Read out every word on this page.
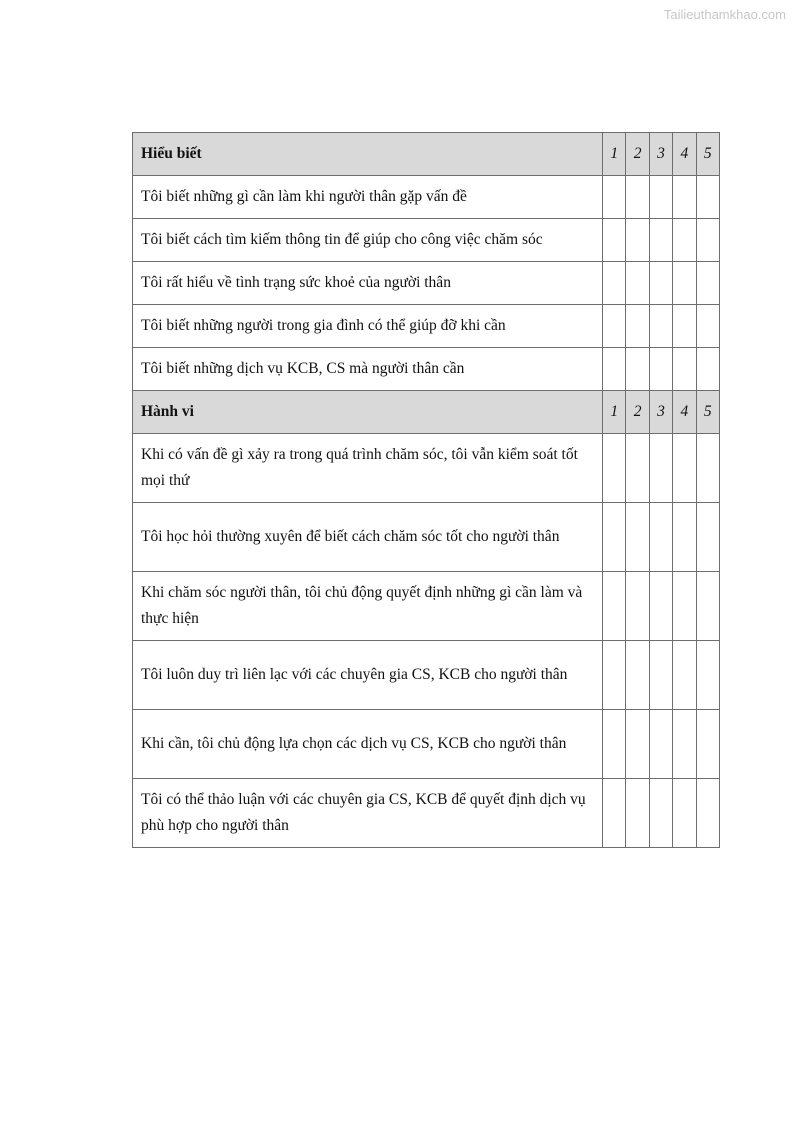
Tailieuthamkhao.com
Hiểu biết	1	2	3	4	5
Tôi biết những gì cần làm khi người thân gặp vấn đề					
Tôi biết cách tìm kiếm thông tin để giúp cho công việc chăm sóc					
Tôi rất hiểu về tình trạng sức khoẻ của người thân					
Tôi biết những người trong gia đình có thể giúp đỡ khi cần					
Tôi biết những dịch vụ KCB, CS mà người thân cần					
Hành vi	1	2	3	4	5
Khi có vấn đề gì xảy ra trong quá trình chăm sóc, tôi vẫn kiểm soát tốt mọi thứ					
Tôi học hỏi thường xuyên để biết cách chăm sóc tốt cho người thân					
Khi chăm sóc người thân, tôi chủ động quyết định những gì cần làm và thực hiện					
Tôi luôn duy trì liên lạc với các chuyên gia CS, KCB cho người thân					
Khi cần, tôi chủ động lựa chọn các dịch vụ CS, KCB cho người thân					
Tôi có thể thảo luận với các chuyên gia CS, KCB để quyết định dịch vụ phù hợp cho người thân					
